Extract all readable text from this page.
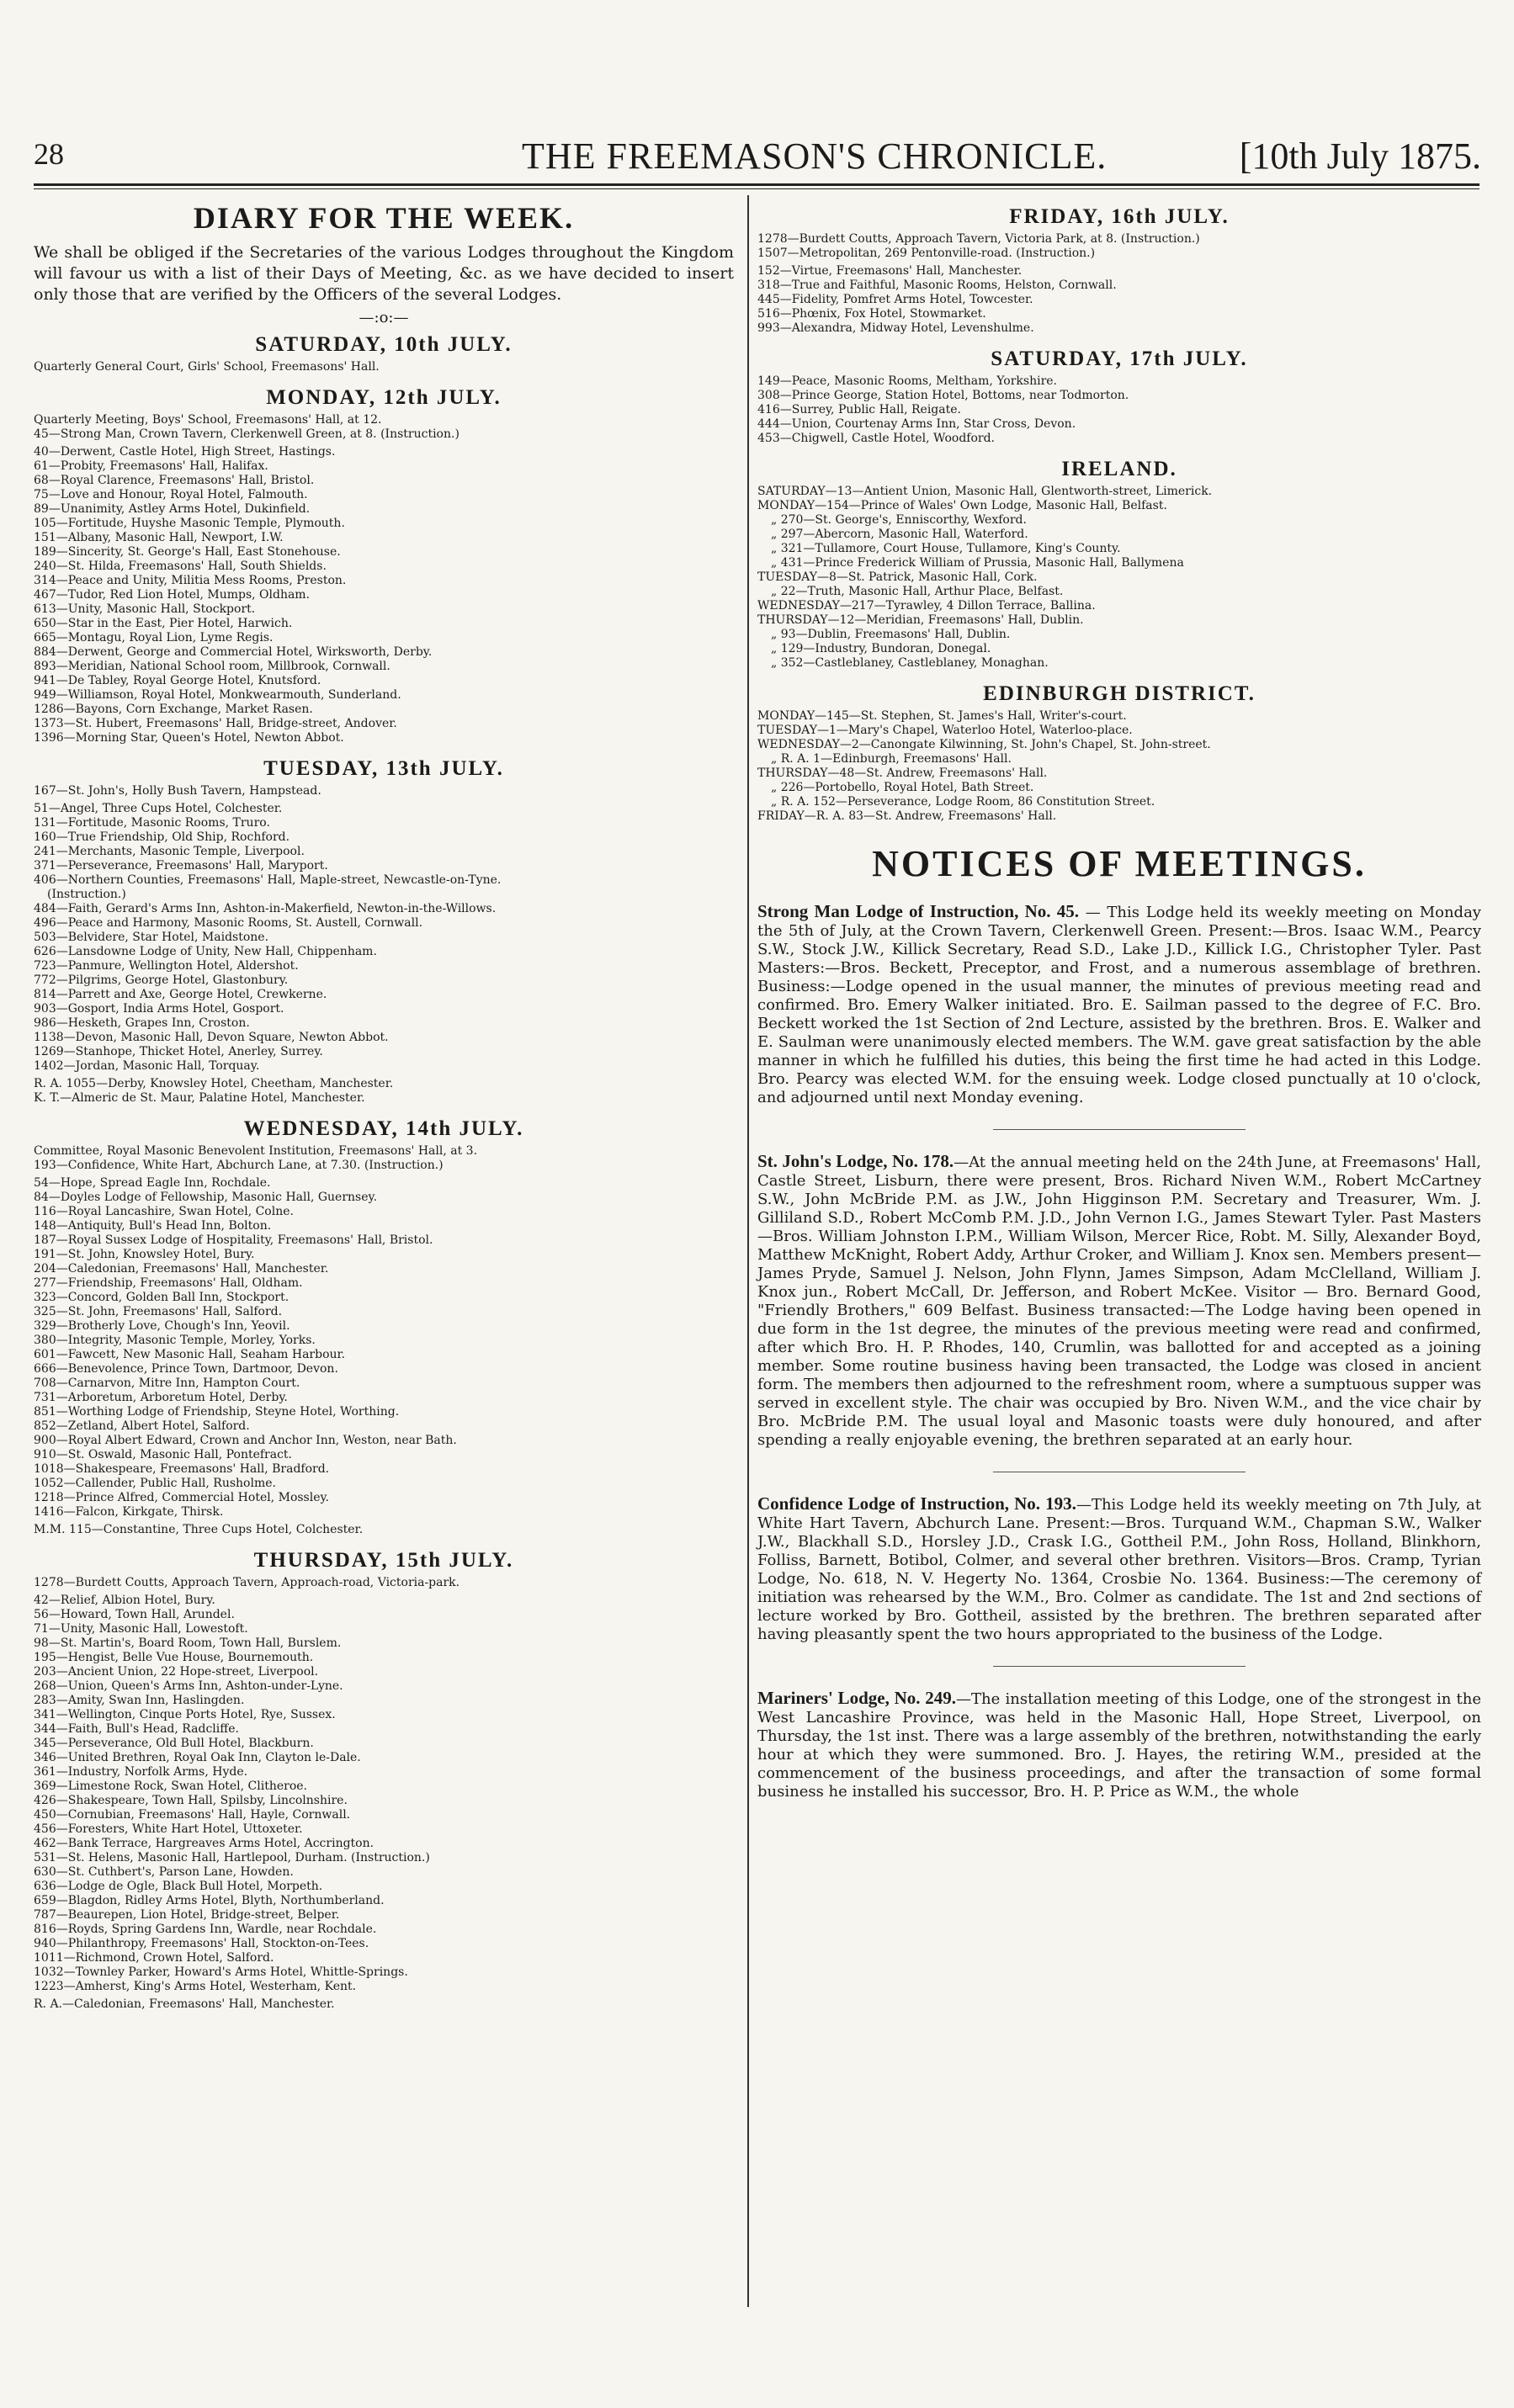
28	THE FREEMASON'S CHRONICLE.	[10th July 1875.
DIARY FOR THE WEEK.

We shall be obliged if the Secretaries of the various Lodges throughout the Kingdom will favour us with a list of their Days of Meeting, &c. as we have decided to insert only those that are verified by the Officers of the several Lodges.

—:o:—
SATURDAY, 10th JULY.
Quarterly General Court, Girls' School, Freemasons' Hall.
MONDAY, 12th JULY.
Quarterly Meeting, Boys' School, Freemasons' Hall, at 12.
45—Strong Man, Crown Tavern, Clerkenwell Green, at 8. (Instruction.)
40—Derwent, Castle Hotel, High Street, Hastings.
61—Probity, Freemasons' Hall, Halifax.
68—Royal Clarence, Freemasons' Hall, Bristol.
75—Love and Honour, Royal Hotel, Falmouth.
89—Unanimity, Astley Arms Hotel, Dukinfield.
105—Fortitude, Huyshe Masonic Temple, Plymouth.
151—Albany, Masonic Hall, Newport, I.W.
189—Sincerity, St. George's Hall, East Stonehouse.
240—St. Hilda, Freemasons' Hall, South Shields.
314—Peace and Unity, Militia Mess Rooms, Preston.
467—Tudor, Red Lion Hotel, Mumps, Oldham.
613—Unity, Masonic Hall, Stockport.
650—Star in the East, Pier Hotel, Harwich.
665—Montagu, Royal Lion, Lyme Regis.
884—Derwent, George and Commercial Hotel, Wirksworth, Derby.
893—Meridian, National School room, Millbrook, Cornwall.
941—De Tabley, Royal George Hotel, Knutsford.
949—Williamson, Royal Hotel, Monkwearmouth, Sunderland.
1286—Bayons, Corn Exchange, Market Rasen.
1373—St. Hubert, Freemasons' Hall, Bridge-street, Andover.
1396—Morning Star, Queen's Hotel, Newton Abbot.
TUESDAY, 13th JULY.
167—St. John's, Holly Bush Tavern, Hampstead.
51—Angel, Three Cups Hotel, Colchester.
131—Fortitude, Masonic Rooms, Truro.
160—True Friendship, Old Ship, Rochford.
241—Merchants, Masonic Temple, Liverpool.
371—Perseverance, Freemasons' Hall, Maryport.
406—Northern Counties, Freemasons' Hall, Maple-street, Newcastle-on-Tyne.
(Instruction.)
484—Faith, Gerard's Arms Inn, Ashton-in-Makerfield, Newton-in-the-Willows.
496—Peace and Harmony, Masonic Rooms, St. Austell, Cornwall.
503—Belvidere, Star Hotel, Maidstone.
626—Lansdowne Lodge of Unity, New Hall, Chippenham.
723—Panmure, Wellington Hotel, Aldershot.
772—Pilgrims, George Hotel, Glastonbury.
814—Parrett and Axe, George Hotel, Crewkerne.
903—Gosport, India Arms Hotel, Gosport.
986—Hesketh, Grapes Inn, Croston.
1138—Devon, Masonic Hall, Devon Square, Newton Abbot.
1269—Stanhope, Thicket Hotel, Anerley, Surrey.
1402—Jordan, Masonic Hall, Torquay.
R. A. 1055—Derby, Knowsley Hotel, Cheetham, Manchester.
K. T.—Almeric de St. Maur, Palatine Hotel, Manchester.
WEDNESDAY, 14th JULY.
Committee, Royal Masonic Benevolent Institution, Freemasons' Hall, at 3.
193—Confidence, White Hart, Abchurch Lane, at 7.30. (Instruction.)
54—Hope, Spread Eagle Inn, Rochdale.
84—Doyles Lodge of Fellowship, Masonic Hall, Guernsey.
116—Royal Lancashire, Swan Hotel, Colne.
148—Antiquity, Bull's Head Inn, Bolton.
187—Royal Sussex Lodge of Hospitality, Freemasons' Hall, Bristol.
191—St. John, Knowsley Hotel, Bury.
204—Caledonian, Freemasons' Hall, Manchester.
277—Friendship, Freemasons' Hall, Oldham.
323—Concord, Golden Ball Inn, Stockport.
325—St. John, Freemasons' Hall, Salford.
329—Brotherly Love, Chough's Inn, Yeovil.
380—Integrity, Masonic Temple, Morley, Yorks.
601—Fawcett, New Masonic Hall, Seaham Harbour.
666—Benevolence, Prince Town, Dartmoor, Devon.
708—Carnarvon, Mitre Inn, Hampton Court.
731—Arboretum, Arboretum Hotel, Derby.
851—Worthing Lodge of Friendship, Steyne Hotel, Worthing.
852—Zetland, Albert Hotel, Salford.
900—Royal Albert Edward, Crown and Anchor Inn, Weston, near Bath.
910—St. Oswald, Masonic Hall, Pontefract.
1018—Shakespeare, Freemasons' Hall, Bradford.
1052—Callender, Public Hall, Rusholme.
1218—Prince Alfred, Commercial Hotel, Mossley.
1416—Falcon, Kirkgate, Thirsk.
M.M. 115—Constantine, Three Cups Hotel, Colchester.
THURSDAY, 15th JULY.
1278—Burdett Coutts, Approach Tavern, Approach-road, Victoria-park.
42—Relief, Albion Hotel, Bury.
56—Howard, Town Hall, Arundel.
71—Unity, Masonic Hall, Lowestoft.
98—St. Martin's, Board Room, Town Hall, Burslem.
195—Hengist, Belle Vue House, Bournemouth.
203—Ancient Union, 22 Hope-street, Liverpool.
268—Union, Queen's Arms Inn, Ashton-under-Lyne.
283—Amity, Swan Inn, Haslingden.
341—Wellington, Cinque Ports Hotel, Rye, Sussex.
344—Faith, Bull's Head, Radcliffe.
345—Perseverance, Old Bull Hotel, Blackburn.
346—United Brethren, Royal Oak Inn, Clayton le-Dale.
361—Industry, Norfolk Arms, Hyde.
369—Limestone Rock, Swan Hotel, Clitheroe.
426—Shakespeare, Town Hall, Spilsby, Lincolnshire.
450—Cornubian, Freemasons' Hall, Hayle, Cornwall.
456—Foresters, White Hart Hotel, Uttoxeter.
462—Bank Terrace, Hargreaves Arms Hotel, Accrington.
531—St. Helens, Masonic Hall, Hartlepool, Durham. (Instruction.)
630—St. Cuthbert's, Parson Lane, Howden.
636—Lodge de Ogle, Black Bull Hotel, Morpeth.
659—Blagdon, Ridley Arms Hotel, Blyth, Northumberland.
787—Beaurepen, Lion Hotel, Bridge-street, Belper.
816—Royds, Spring Gardens Inn, Wardle, near Rochdale.
940—Philanthropy, Freemasons' Hall, Stockton-on-Tees.
1011—Richmond, Crown Hotel, Salford.
1032—Townley Parker, Howard's Arms Hotel, Whittle-Springs.
1223—Amherst, King's Arms Hotel, Westerham, Kent.
R. A.—Caledonian, Freemasons' Hall, Manchester.
FRIDAY, 16th JULY.
1278—Burdett Coutts, Approach Tavern, Victoria Park, at 8. (Instruction.)
1507—Metropolitan, 269 Pentonville-road. (Instruction.)
152—Virtue, Freemasons' Hall, Manchester.
318—True and Faithful, Masonic Rooms, Helston, Cornwall.
445—Fidelity, Pomfret Arms Hotel, Towcester.
516—Phœnix, Fox Hotel, Stowmarket.
993—Alexandra, Midway Hotel, Levenshulme.
SATURDAY, 17th JULY.
149—Peace, Masonic Rooms, Meltham, Yorkshire.
308—Prince George, Station Hotel, Bottoms, near Todmorton.
416—Surrey, Public Hall, Reigate.
444—Union, Courtenay Arms Inn, Star Cross, Devon.
453—Chigwell, Castle Hotel, Woodford.
IRELAND.
SATURDAY—13—Antient Union, Masonic Hall, Glentworth-street, Limerick.
MONDAY—154—Prince of Wales' Own Lodge, Masonic Hall, Belfast.
„ 270—St. George's, Enniscorthy, Wexford.
„ 297—Abercorn, Masonic Hall, Waterford.
„ 321—Tullamore, Court House, Tullamore, King's County.
„ 431—Prince Frederick William of Prussia, Masonic Hall, Ballymena
TUESDAY—8—St. Patrick, Masonic Hall, Cork.
„ 22—Truth, Masonic Hall, Arthur Place, Belfast.
WEDNESDAY—217—Tyrawley, 4 Dillon Terrace, Ballina.
THURSDAY—12—Meridian, Freemasons' Hall, Dublin.
„ 93—Dublin, Freemasons' Hall, Dublin.
„ 129—Industry, Bundoran, Donegal.
„ 352—Castleblaney, Castleblaney, Monaghan.
EDINBURGH DISTRICT.
MONDAY—145—St. Stephen, St. James's Hall, Writer's-court.
TUESDAY—1—Mary's Chapel, Waterloo Hotel, Waterloo-place.
WEDNESDAY—2—Canongate Kilwinning, St. John's Chapel, St. John-street.
„ R. A. 1—Edinburgh, Freemasons' Hall.
THURSDAY—48—St. Andrew, Freemasons' Hall.
„ 226—Portobello, Royal Hotel, Bath Street.
„ R. A. 152—Perseverance, Lodge Room, 86 Constitution Street.
FRIDAY—R. A. 83—St. Andrew, Freemasons' Hall.
NOTICES OF MEETINGS.

Strong Man Lodge of Instruction, No. 45. — This Lodge held its weekly meeting on Monday the 5th of July, at the Crown Tavern, Clerkenwell Green. Present:—Bros. Isaac W.M., Pearcy S.W., Stock J.W., Killick Secretary, Read S.D., Lake J.D., Killick I.G., Christopher Tyler. Past Masters:—Bros. Beckett, Preceptor, and Frost, and a numerous assemblage of brethren. Business:—Lodge opened in the usual manner, the minutes of previous meeting read and confirmed. Bro. Emery Walker initiated. Bro. E. Sailman passed to the degree of F.C. Bro. Beckett worked the 1st Section of 2nd Lecture, assisted by the brethren. Bros. E. Walker and E. Saulman were unanimously elected members. The W.M. gave great satisfaction by the able manner in which he fulfilled his duties, this being the first time he had acted in this Lodge. Bro. Pearcy was elected W.M. for the ensuing week. Lodge closed punctually at 10 o'clock, and adjourned until next Monday evening.

St. John's Lodge, No. 178.—At the annual meeting held on the 24th June, at Freemasons' Hall, Castle Street, Lisburn, there were present, Bros. Richard Niven W.M., Robert McCartney S.W., John McBride P.M. as J.W., John Higginson P.M. Secretary and Treasurer, Wm. J. Gilliland S.D., Robert McComb P.M. J.D., John Vernon I.G., James Stewart Tyler. Past Masters—Bros. William Johnston I.P.M., William Wilson, Mercer Rice, Robt. M. Silly, Alexander Boyd, Matthew McKnight, Robert Addy, Arthur Croker, and William J. Knox sen. Members present—James Pryde, Samuel J. Nelson, John Flynn, James Simpson, Adam McClelland, William J. Knox jun., Robert McCall, Dr. Jefferson, and Robert McKee. Visitor — Bro. Bernard Good, "Friendly Brothers," 609 Belfast. Business transacted:—The Lodge having been opened in due form in the 1st degree, the minutes of the previous meeting were read and confirmed, after which Bro. H. P. Rhodes, 140, Crumlin, was ballotted for and accepted as a joining member. Some routine business having been transacted, the Lodge was closed in ancient form. The members then adjourned to the refreshment room, where a sumptuous supper was served in excellent style. The chair was occupied by Bro. Niven W.M., and the vice chair by Bro. McBride P.M. The usual loyal and Masonic toasts were duly honoured, and after spending a really enjoyable evening, the brethren separated at an early hour.

Confidence Lodge of Instruction, No. 193.—This Lodge held its weekly meeting on 7th July, at White Hart Tavern, Abchurch Lane. Present:—Bros. Turquand W.M., Chapman S.W., Walker J.W., Blackhall S.D., Horsley J.D., Crask I.G., Gottheil P.M., John Ross, Holland, Blinkhorn, Folliss, Barnett, Botibol, Colmer, and several other brethren. Visitors—Bros. Cramp, Tyrian Lodge, No. 618, N. V. Hegerty No. 1364, Crosbie No. 1364. Business:—The ceremony of initiation was rehearsed by the W.M., Bro. Colmer as candidate. The 1st and 2nd sections of lecture worked by Bro. Gottheil, assisted by the brethren. The brethren separated after having pleasantly spent the two hours appropriated to the business of the Lodge.

Mariners' Lodge, No. 249.—The installation meeting of this Lodge, one of the strongest in the West Lancashire Province, was held in the Masonic Hall, Hope Street, Liverpool, on Thursday, the 1st inst. There was a large assembly of the brethren, notwithstanding the early hour at which they were summoned. Bro. J. Hayes, the retiring W.M., presided at the commencement of the business proceedings, and after the transaction of some formal business he installed his successor, Bro. H. P. Price as W.M., the whole
